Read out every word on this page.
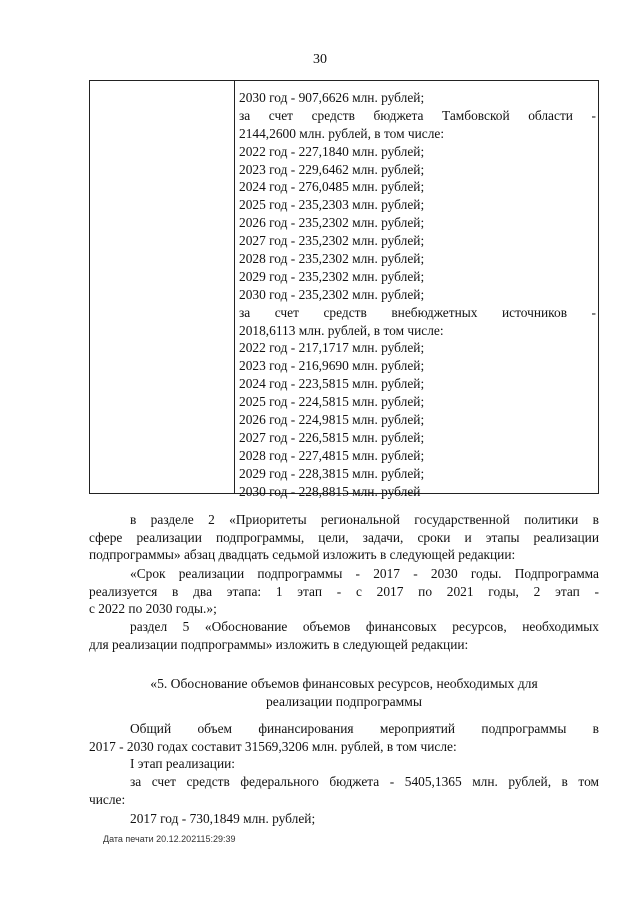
30
2030 год - 907,6626 млн. рублей;
за счет средств бюджета Тамбовской области -
2144,2600 млн. рублей, в том числе:
2022 год - 227,1840 млн. рублей;
2023 год - 229,6462 млн. рублей;
2024 год - 276,0485 млн. рублей;
2025 год - 235,2303 млн. рублей;
2026 год - 235,2302 млн. рублей;
2027 год - 235,2302 млн. рублей;
2028 год - 235,2302 млн. рублей;
2029 год - 235,2302 млн. рублей;
2030 год - 235,2302 млн. рублей;
за счет средств внебюджетных источников -
2018,6113 млн. рублей, в том числе:
2022 год - 217,1717 млн. рублей;
2023 год - 216,9690 млн. рублей;
2024 год - 223,5815 млн. рублей;
2025 год - 224,5815 млн. рублей;
2026 год - 224,9815 млн. рублей;
2027 год - 226,5815 млн. рублей;
2028 год - 227,4815 млн. рублей;
2029 год - 228,3815 млн. рублей;
2030 год - 228,8815 млн. рублей
в разделе 2 «Приоритеты региональной государственной политики в
сфере реализации подпрограммы, цели, задачи, сроки и этапы реализации
подпрограммы» абзац двадцать седьмой изложить в следующей редакции:
«Срок реализации подпрограммы - 2017 - 2030 годы. Подпрограмма
реализуется в два этапа: 1 этап - с 2017 по 2021 годы, 2 этап -
с 2022 по 2030 годы.»;
раздел 5 «Обоснование объемов финансовых ресурсов, необходимых
для реализации подпрограммы» изложить в следующей редакции:
«5. Обоснование объемов финансовых ресурсов, необходимых для
реализации подпрограммы
Общий объем финансирования мероприятий подпрограммы в
2017 - 2030 годах составит 31569,3206 млн. рублей, в том числе:
I этап реализации:
за счет средств федерального бюджета - 5405,1365 млн. рублей, в том
числе:
2017 год - 730,1849 млн. рублей;
Дата печати 20.12.202115:29:39
